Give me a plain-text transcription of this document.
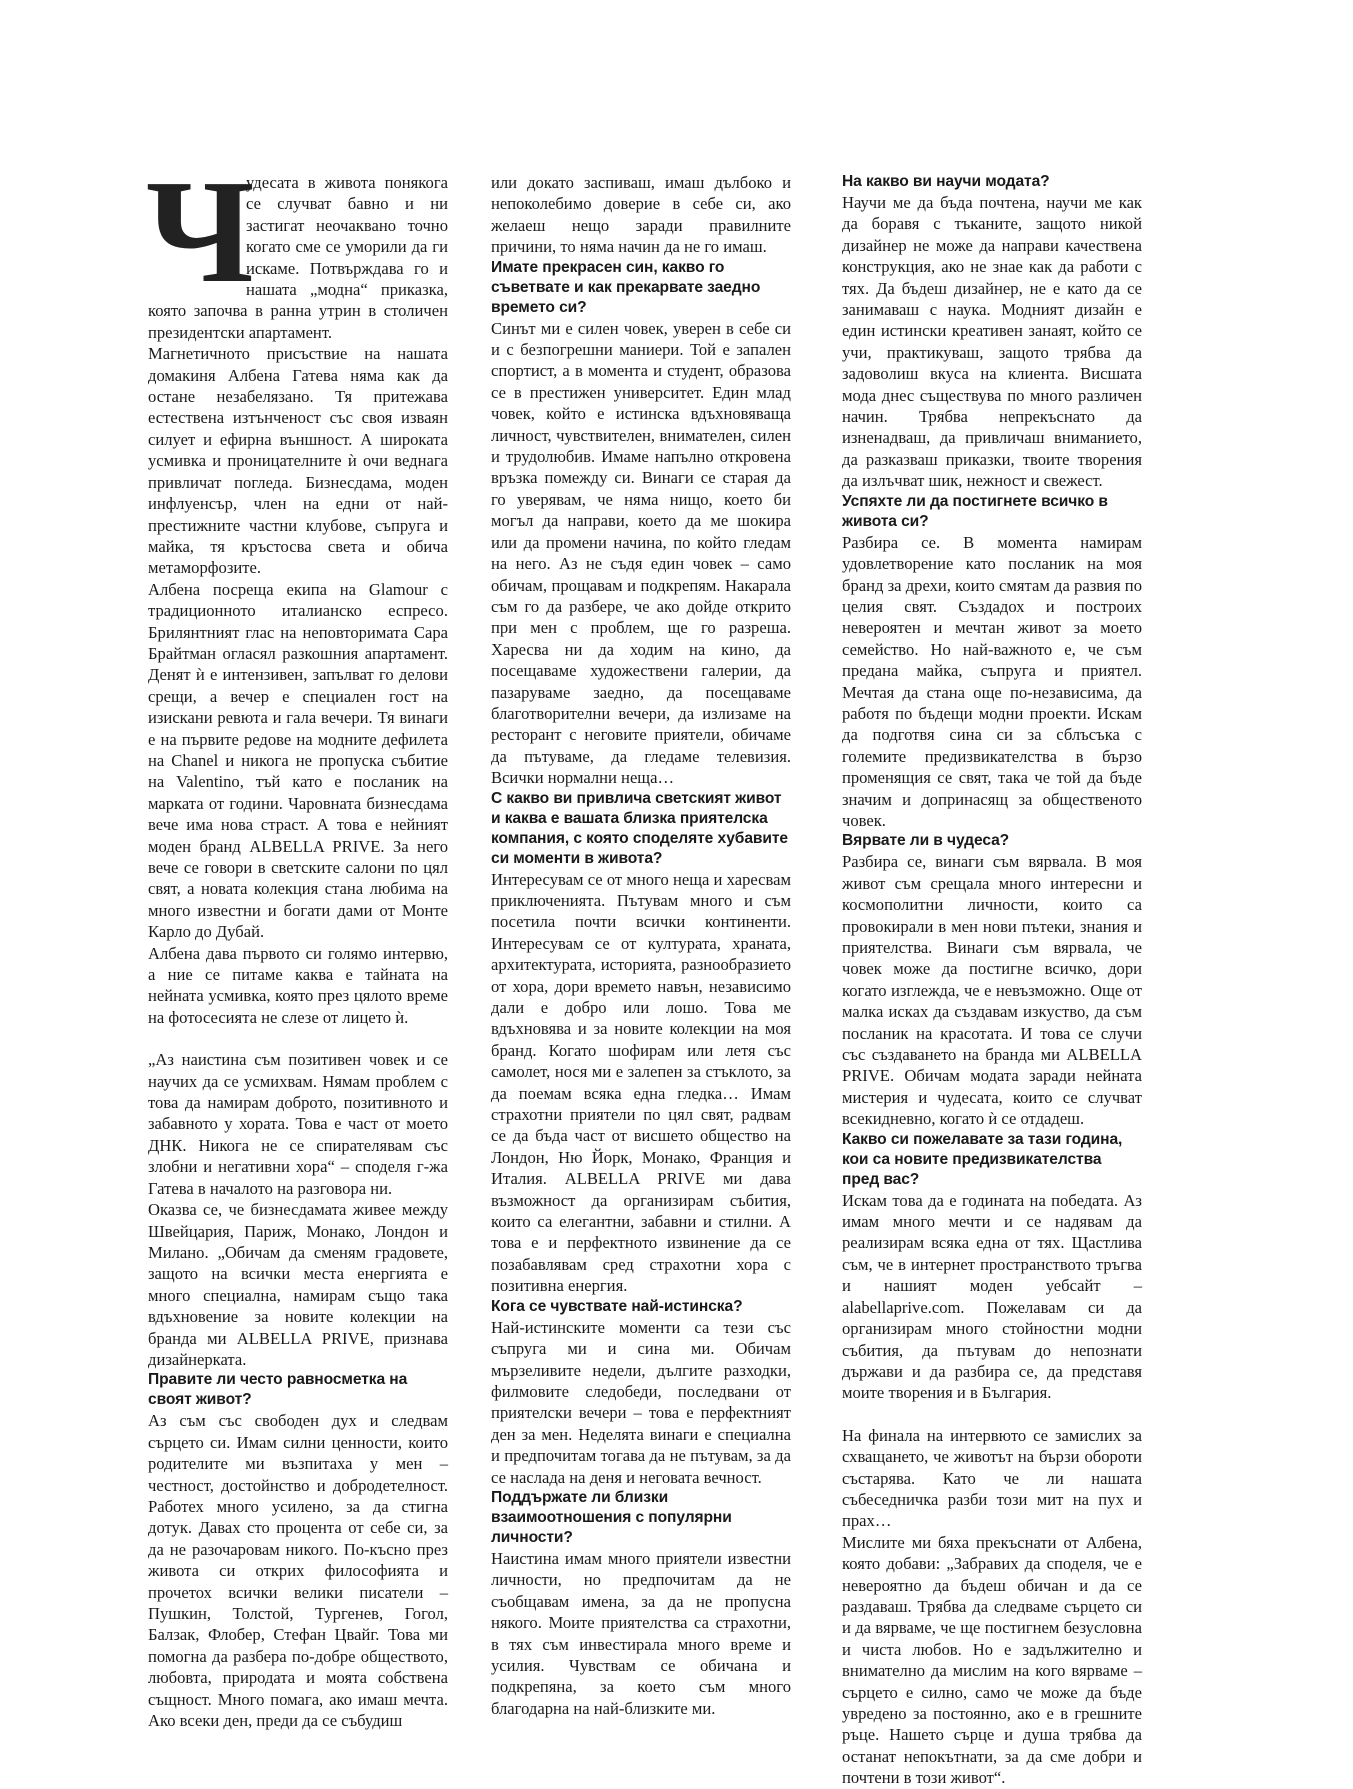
Ч

удесата в живота понякога се случват бавно и ни застигат неочаквано точно когато сме се уморили да ги искаме. Потвърждава го и нашата „модна“ приказка, която започва в ранна утрин в столичен президентски апартамент.

Магнетичното присъствие на нашата домакиня Албена Гатева няма как да остане незабелязано. Тя притежава естествена изтънченост със своя изваян силует и ефирна външност. А широката усмивка и проницателните ѝ очи веднага привличат погледа. Бизнесдама, моден инфлуенсър, член на едни от най-престижните частни клубове, съпруга и майка, тя кръстосва света и обича метаморфозите.

Албена посреща екипа на Glamour с традиционното италианско еспресо. Брилянтният глас на неповторимата Сара Брайтман огласял разкошния апартамент. Денят ѝ е интензивен, запълват го делови срещи, а вечер е специален гост на изискани ревюта и гала вечери. Тя винаги е на първите редове на модните дефилета на Chanel и никога не пропуска събитие на Valentino, тъй като е посланик на марката от години. Чаровната бизнесдама вече има нова страст. А това е нейният моден бранд ALBELLA PRIVE. За него вече се говори в светските салони по цял свят, а новата колекция стана любима на много известни и богати дами от Монте Карло до Дубай.

Албена дава първото си голямо интервю, а ние се питаме каква е тайната на нейната усмивка, която през цялото време на фотосесията не слезе от лицето ѝ.

„Аз наистина съм позитивен човек и се научих да се усмихвам. Нямам проблем с това да намирам доброто, позитивното и забавното у хората. Това е част от моето ДНК. Никога не се спирателявам със злобни и негативни хора“ – споделя г-жа Гатева в началото на разговора ни.

Оказва се, че бизнесдамата живее между Швейцария, Париж, Монако, Лондон и Милано. „Обичам да сменям градовете, защото на всички места енергията е много специална, намирам също така вдъхновение за новите колекции на бранда ми ALBELLA PRIVE, признава дизайнерката.

Правите ли често равносметка на своят живот?

Аз съм със свободен дух и следвам сърцето си. Имам силни ценности, които родителите ми възпитаха у мен – честност, достойнство и добродетелност. Работех много усилено, за да стигна дотук. Давах сто процента от себе си, за да не разочаровам никого. По-късно през живота си открих философията и прочетох всички велики писатели – Пушкин, Толстой, Тургенев, Гогол, Балзак, Флобер, Стефан Цвайг. Това ми помогна да разбера по-добре обществото, любовта, природата и моята собствена същност. Много помага, ако имаш мечта. Ако всеки ден, преди да се събудиш

или докато заспиваш, имаш дълбоко и непоколебимо доверие в себе си, ако желаеш нещо заради правилните причини, то няма начин да не го имаш.

Имате прекрасен син, какво го съветвате и как прекарвате заедно времето си?

Синът ми е силен човек, уверен в себе си и с безпогрешни маниери. Той е запален спортист, а в момента и студент, образова се в престижен университет. Един млад човек, който е истинска вдъхновяваща личност, чувствителен, внимателен, силен и трудолюбив. Имаме напълно откровена връзка помежду си. Винаги се старая да го уверявам, че няма нищо, което би могъл да направи, което да ме шокира или да промени начина, по който гледам на него. Аз не съдя един човек – само обичам, прощавам и подкрепям. Накарала съм го да разбере, че ако дойде открито при мен с проблем, ще го разреша. Харесва ни да ходим на кино, да посещаваме художествени галерии, да пазаруваме заедно, да посещаваме благотворителни вечери, да излизаме на ресторант с неговите приятели, обичаме да пътуваме, да гледаме телевизия. Всички нормални неща…

С какво ви привлича светският живот и каква е вашата близка приятелска компания, с която споделяте хубавите си моменти в живота?

Интересувам се от много неща и харесвам приключенията. Пътувам много и съм посетила почти всички континенти. Интересувам се от културата, храната, архитектурата, историята, разнообразието от хора, дори времето навън, независимо дали е добро или лошо. Това ме вдъхновява и за новите колекции на моя бранд. Когато шофирам или летя със самолет, нося ми е залепен за стъклото, за да поемам всяка една гледка… Имам страхотни приятели по цял свят, радвам се да бъда част от висшето общество на Лондон, Ню Йорк, Монако, Франция и Италия. ALBELLA PRIVE ми дава възможност да организирам събития, които са елегантни, забавни и стилни. А това е и перфектното извинение да се позабавлявам сред страхотни хора с позитивна енергия.

Кога се чувствате най-истинска?

Най-истинските моменти са тези със съпруга ми и сина ми. Обичам мързеливите недели, дългите разходки, филмовите следобеди, последвани от приятелски вечери – това е перфектният ден за мен. Неделята винаги е специална и предпочитам тогава да не пътувам, за да се наслада на деня и неговата вечност.

Поддържате ли близки взаимоотношения с популярни личности?

Наистина имам много приятели известни личности, но предпочитам да не съобщавам имена, за да не пропусна някого. Моите приятелства са страхотни, в тях съм инвестирала много време и усилия. Чувствам се обичана и подкрепяна, за което съм много благодарна на най-близките ми.

На какво ви научи модата?

Научи ме да бъда почтена, научи ме как да боравя с тъканите, защото никой дизайнер не може да направи качествена конструкция, ако не знае как да работи с тях. Да бъдеш дизайнер, не е като да се занимаваш с наука. Модният дизайн е един истински креативен занаят, който се учи, практикуваш, защото трябва да задоволиш вкуса на клиента. Висшата мода днес съществува по много различен начин. Трябва непрекъснато да изненадваш, да привличаш вниманието, да разказваш приказки, твоите творения да излъчват шик, нежност и свежест.

Успяхте ли да постигнете всичко в живота си?

Разбира се. В момента намирам удовлетворение като посланик на моя бранд за дрехи, които смятам да развия по целия свят. Създадох и построих невероятен и мечтан живот за моето семейство. Но най-важното е, че съм предана майка, съпруга и приятел. Мечтая да стана още по-независима, да работя по бъдещи модни проекти. Искам да подготвя сина си за сблъсъка с големите предизвикателства в бързо променящия се свят, така че той да бъде значим и допринасящ за общественото човек.

Вярвате ли в чудеса?

Разбира се, винаги съм вярвала. В моя живот съм срещала много интересни и космополитни личности, които са провокирали в мен нови пътеки, знания и приятелства. Винаги съм вярвала, че човек може да постигне всичко, дори когато изглежда, че е невъзможно. Още от малка исках да създавам изкуство, да съм посланик на красотата. И това се случи със създаването на бранда ми ALBELLA PRIVE. Обичам модата заради нейната мистерия и чудесата, които се случват всекидневно, когато ѝ се отдадеш.

Какво си пожелавате за тази година, кои са новите предизвикателства пред вас?

Искам това да е годината на победата. Аз имам много мечти и се надявам да реализирам всяка една от тях. Щастлива съм, че в интернет пространството тръгва и нашият моден уебсайт – alabellaprive.com. Пожелавам си да организирам много стойностни модни събития, да пътувам до непознати държави и да разбира се, да представя моите творения и в България.

На финала на интервюто се замислих за схващането, че животът на бързи обороти състарява. Като че ли нашата събеседничка разби този мит на пух и прах…

Мислите ми бяха прекъснати от Албена, която добави: „Забравих да споделя, че е невероятно да бъдеш обичан и да се раздаваш. Трябва да следваме сърцето си и да вярваме, че ще постигнем безусловна и чиста любов. Но е задължително и внимателно да мислим на кого вярваме – сърцето е силно, само че може да бъде увредено за постоянно, ако е в грешните ръце. Нашето сърце и душа трябва да останат непокътнати, за да сме добри и почтени в този живот“.
